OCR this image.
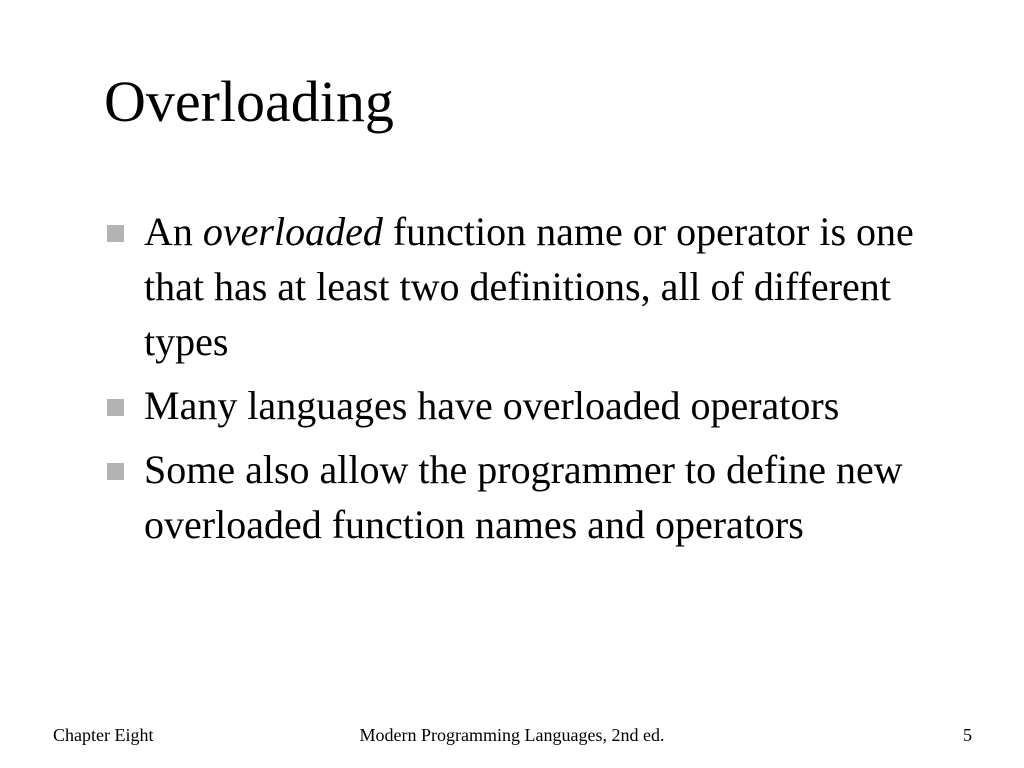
Overloading
An overloaded function name or operator is one that has at least two definitions, all of different types
Many languages have overloaded operators
Some also allow the programmer to define new overloaded function names and operators
Chapter Eight	Modern Programming Languages, 2nd ed.	5
